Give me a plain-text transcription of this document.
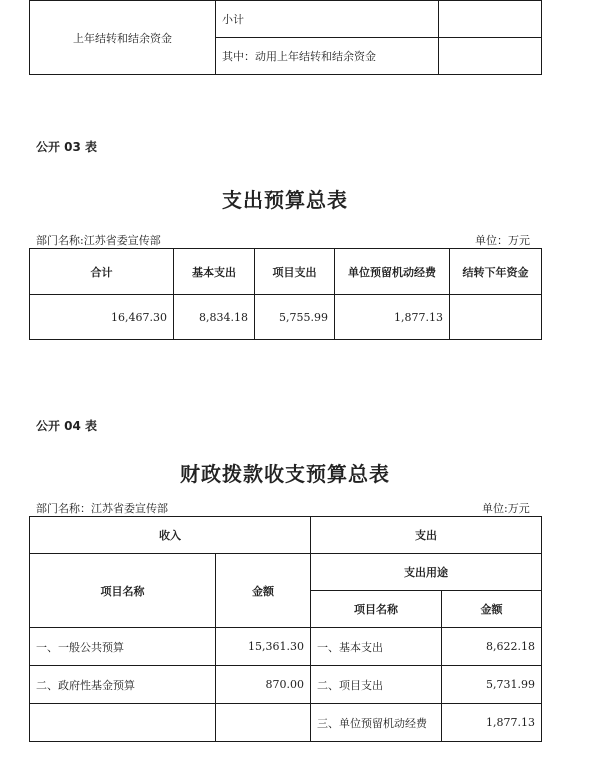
上年结转和结余资金	小计	
	其中：动用上年结转和结余资金	
公开 03 表
支出预算总表
部门名称:江苏省委宣传部	单位：万元
合计	基本支出	项目支出	单位预留机动经费	结转下年资金
16,467.30	8,834.18	5,755.99	1,877.13	
公开 04 表
财政拨款收支预算总表
部门名称：江苏省委宣传部	单位:万元
收入		支出	
项目名称	金额	支出用途	
		项目名称	金额
一、一般公共预算	15,361.30	一、基本支出	8,622.18
二、政府性基金预算	870.00	二、项目支出	5,731.99
		三、单位预留机动经费	1,877.13
